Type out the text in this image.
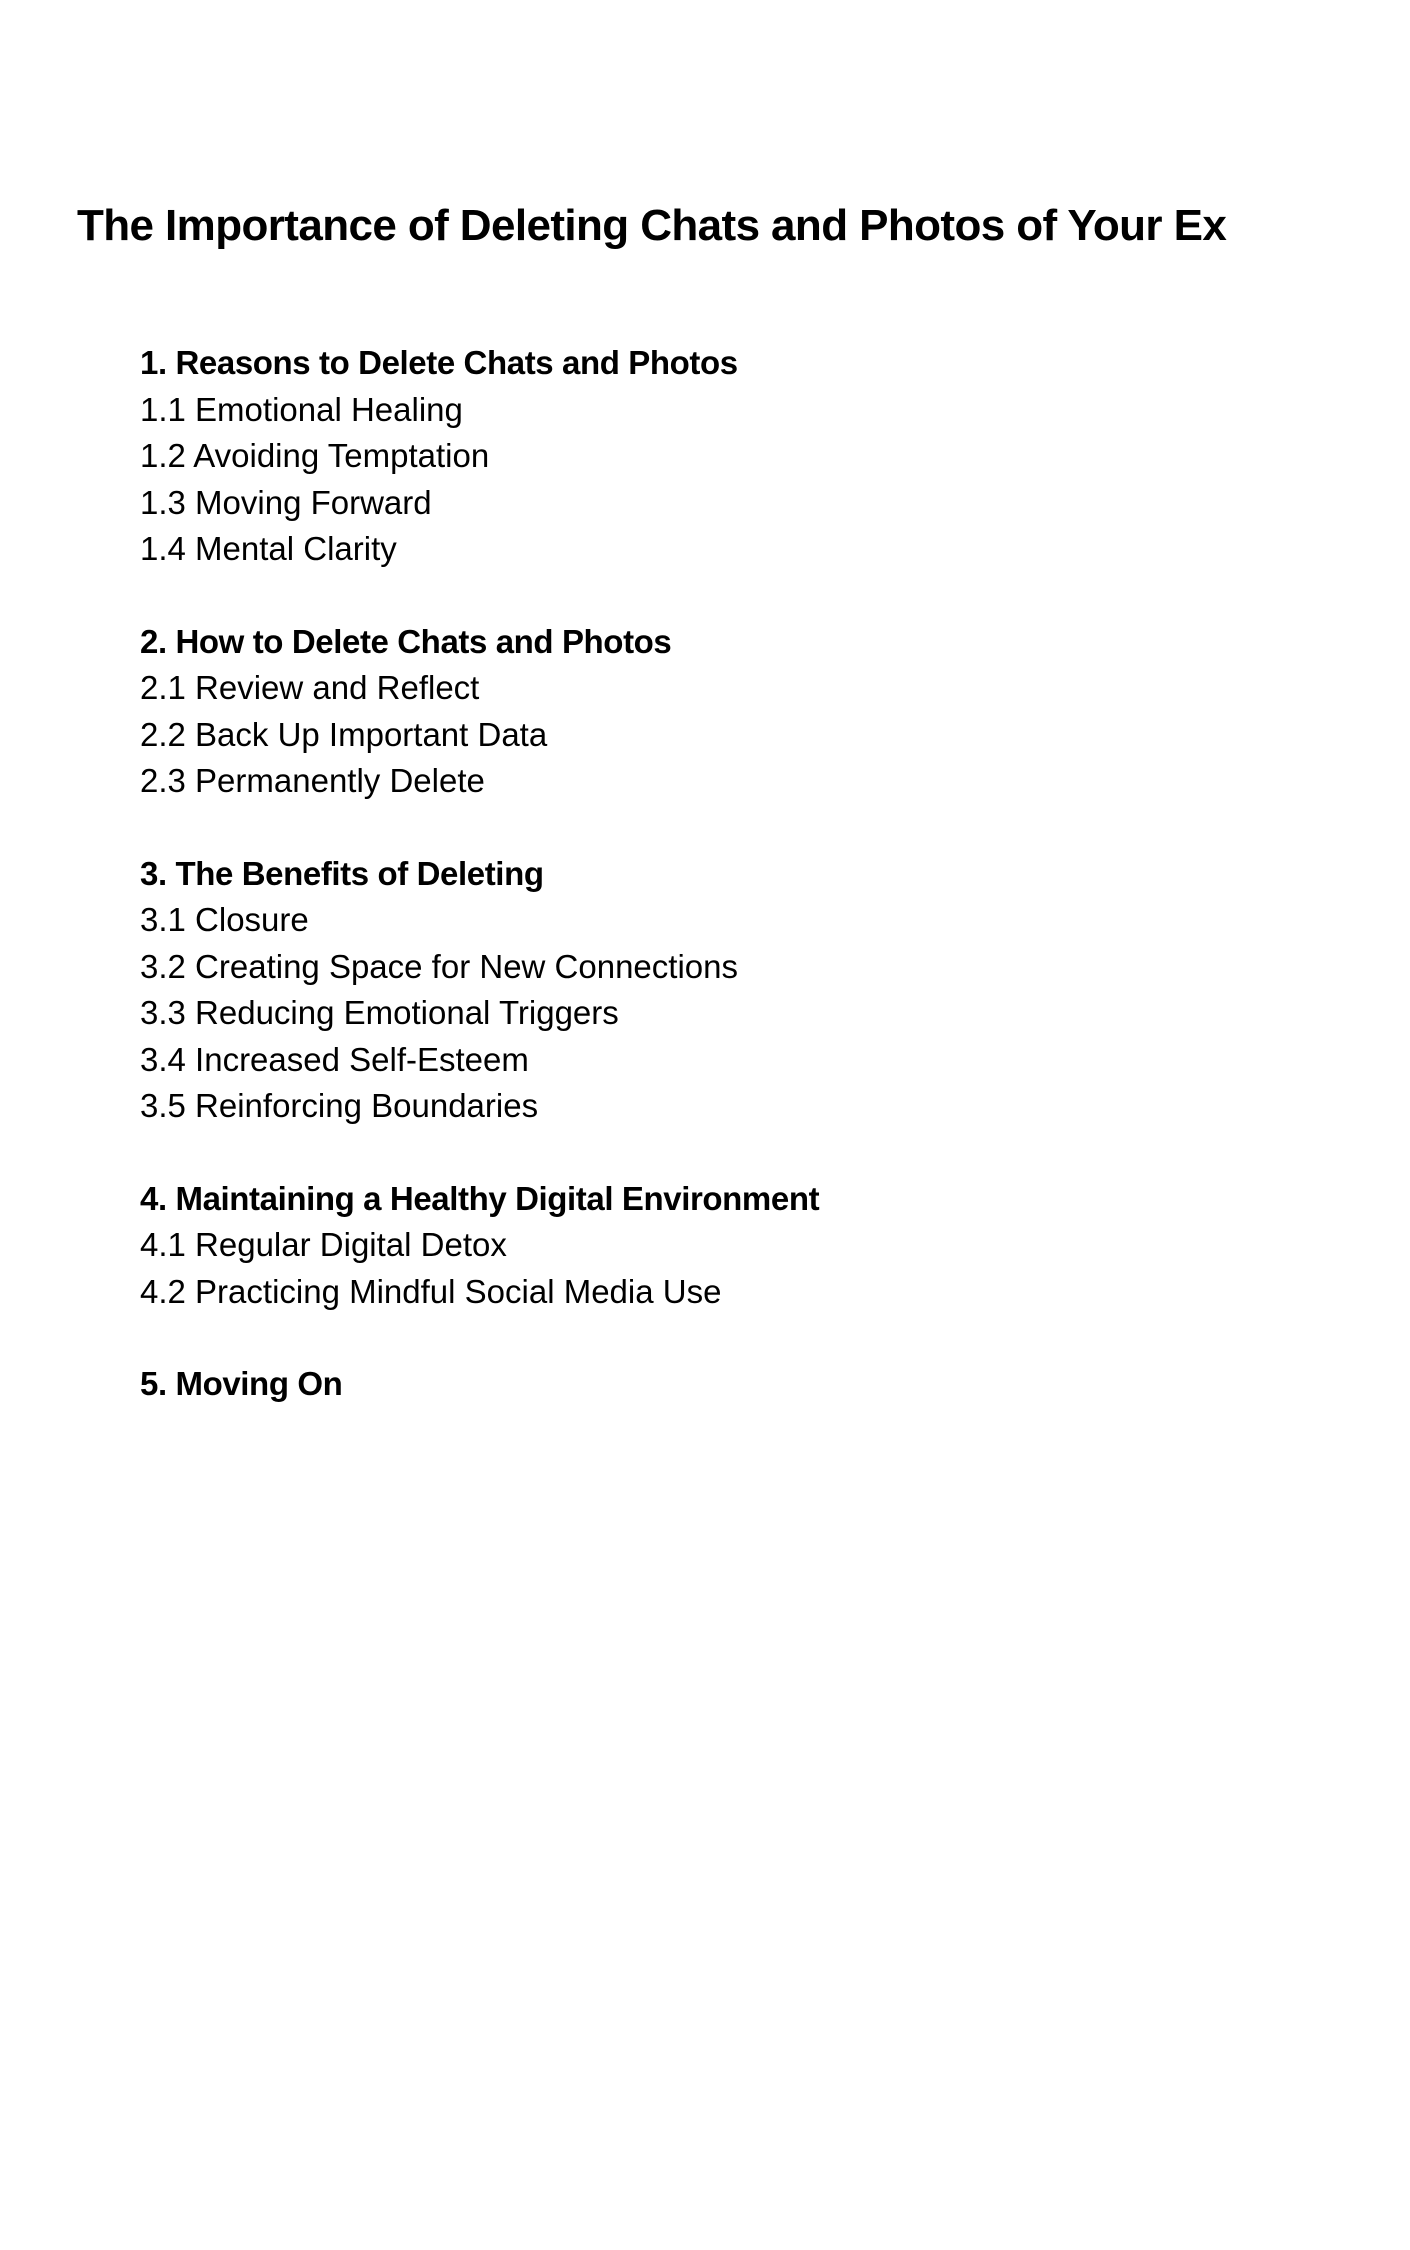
The Importance of Deleting Chats and Photos of Your Ex
1. Reasons to Delete Chats and Photos
1.1 Emotional Healing
1.2 Avoiding Temptation
1.3 Moving Forward
1.4 Mental Clarity
2. How to Delete Chats and Photos
2.1 Review and Reflect
2.2 Back Up Important Data
2.3 Permanently Delete
3. The Benefits of Deleting
3.1 Closure
3.2 Creating Space for New Connections
3.3 Reducing Emotional Triggers
3.4 Increased Self-Esteem
3.5 Reinforcing Boundaries
4. Maintaining a Healthy Digital Environment
4.1 Regular Digital Detox
4.2 Practicing Mindful Social Media Use
5. Moving On
